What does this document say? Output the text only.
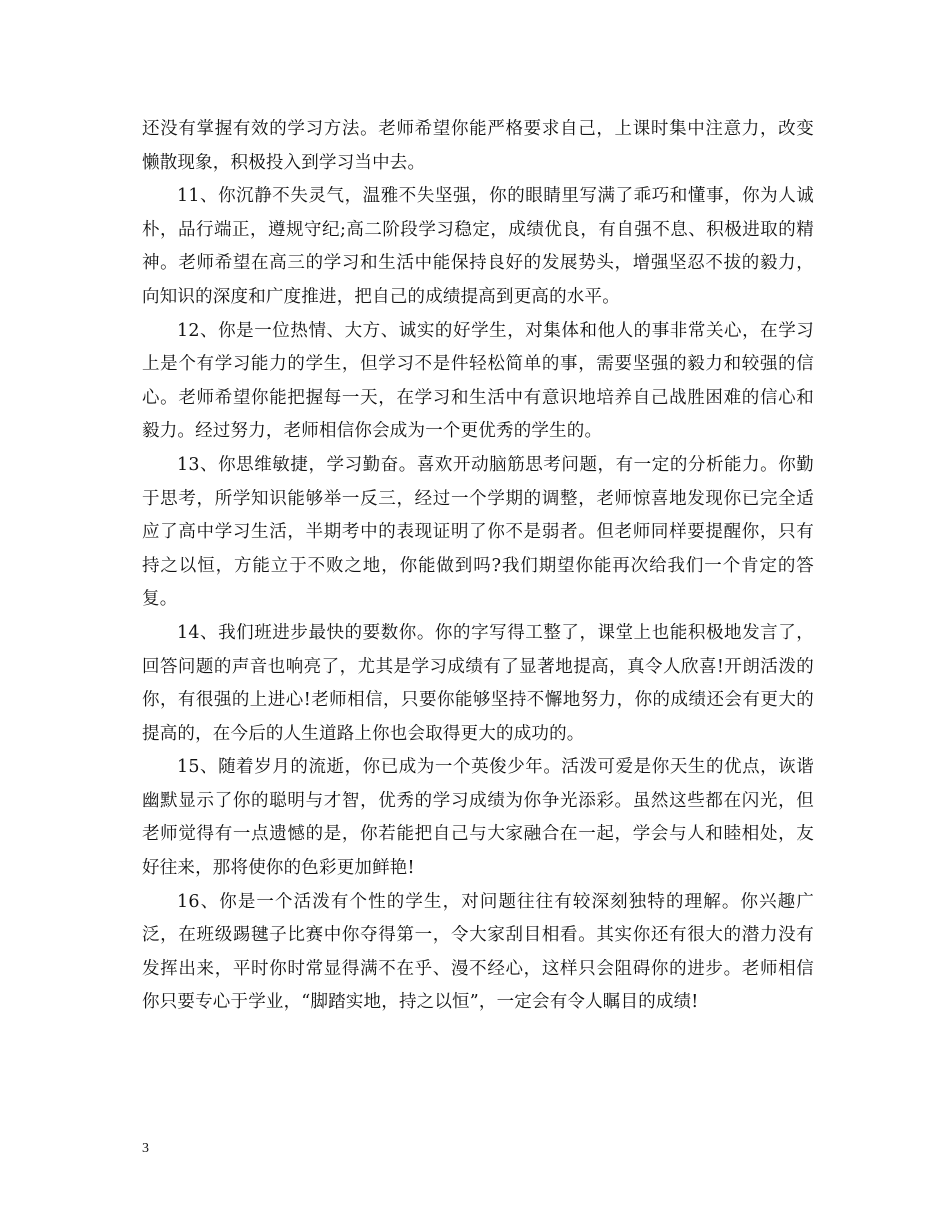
还没有掌握有效的学习方法。老师希望你能严格要求自己，上课时集中注意力，改变懒散现象，积极投入到学习当中去。

11、你沉静不失灵气，温雅不失坚强，你的眼睛里写满了乖巧和懂事，你为人诚朴，品行端正，遵规守纪;高二阶段学习稳定，成绩优良，有自强不息、积极进取的精神。老师希望在高三的学习和生活中能保持良好的发展势头，增强坚忍不拔的毅力，向知识的深度和广度推进，把自己的成绩提高到更高的水平。

12、你是一位热情、大方、诚实的好学生，对集体和他人的事非常关心，在学习上是个有学习能力的学生，但学习不是件轻松简单的事，需要坚强的毅力和较强的信心。老师希望你能把握每一天，在学习和生活中有意识地培养自己战胜困难的信心和毅力。经过努力，老师相信你会成为一个更优秀的学生的。

13、你思维敏捷，学习勤奋。喜欢开动脑筋思考问题，有一定的分析能力。你勤于思考，所学知识能够举一反三，经过一个学期的调整，老师惊喜地发现你已完全适应了高中学习生活，半期考中的表现证明了你不是弱者。但老师同样要提醒你，只有持之以恒，方能立于不败之地，你能做到吗?我们期望你能再次给我们一个肯定的答复。

14、我们班进步最快的要数你。你的字写得工整了，课堂上也能积极地发言了，回答问题的声音也响亮了，尤其是学习成绩有了显著地提高，真令人欣喜!开朗活泼的你，有很强的上进心!老师相信，只要你能够坚持不懈地努力，你的成绩还会有更大的提高的，在今后的人生道路上你也会取得更大的成功的。

15、随着岁月的流逝，你已成为一个英俊少年。活泼可爱是你天生的优点，诙谐幽默显示了你的聪明与才智，优秀的学习成绩为你争光添彩。虽然这些都在闪光，但老师觉得有一点遗憾的是，你若能把自己与大家融合在一起，学会与人和睦相处，友好往来，那将使你的色彩更加鲜艳!

16、你是一个活泼有个性的学生，对问题往往有较深刻独特的理解。你兴趣广泛，在班级踢毽子比赛中你夺得第一，令大家刮目相看。其实你还有很大的潜力没有发挥出来，平时你时常显得满不在乎、漫不经心，这样只会阻碍你的进步。老师相信你只要专心于学业，“脚踏实地，持之以恒”，一定会有令人瞩目的成绩!

3
